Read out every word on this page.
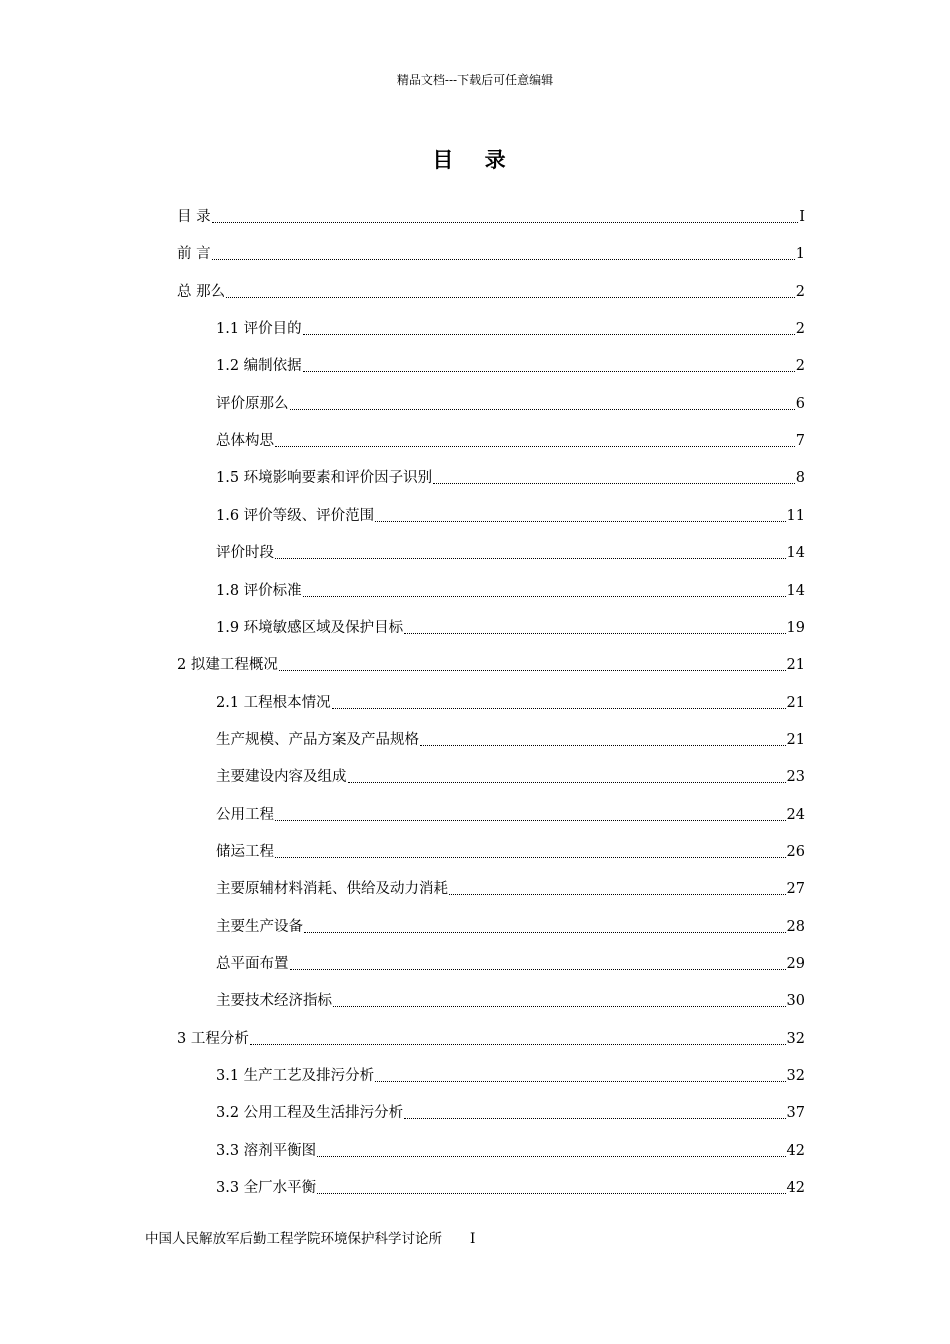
精品文档---下载后可任意编辑
目 录
目 录	I
前 言	1
总 那么	2
1.1 评价目的	2
1.2 编制依据	2
评价原那么	6
总体构思	7
1.5 环境影响要素和评价因子识别	8
1.6 评价等级、评价范围	11
评价时段	14
1.8 评价标准	14
1.9 环境敏感区域及保护目标	19
2 拟建工程概况	21
2.1 工程根本情况	21
生产规模、产品方案及产品规格	21
主要建设内容及组成	23
公用工程	24
储运工程	26
主要原辅材料消耗、供给及动力消耗	27
主要生产设备	28
总平面布置	29
主要技术经济指标	30
3 工程分析	32
3.1 生产工艺及排污分析	32
3.2 公用工程及生活排污分析	37
3.3 溶剂平衡图	42
3.3 全厂水平衡	42
中国人民解放军后勤工程学院环境保护科学讨论所 I
